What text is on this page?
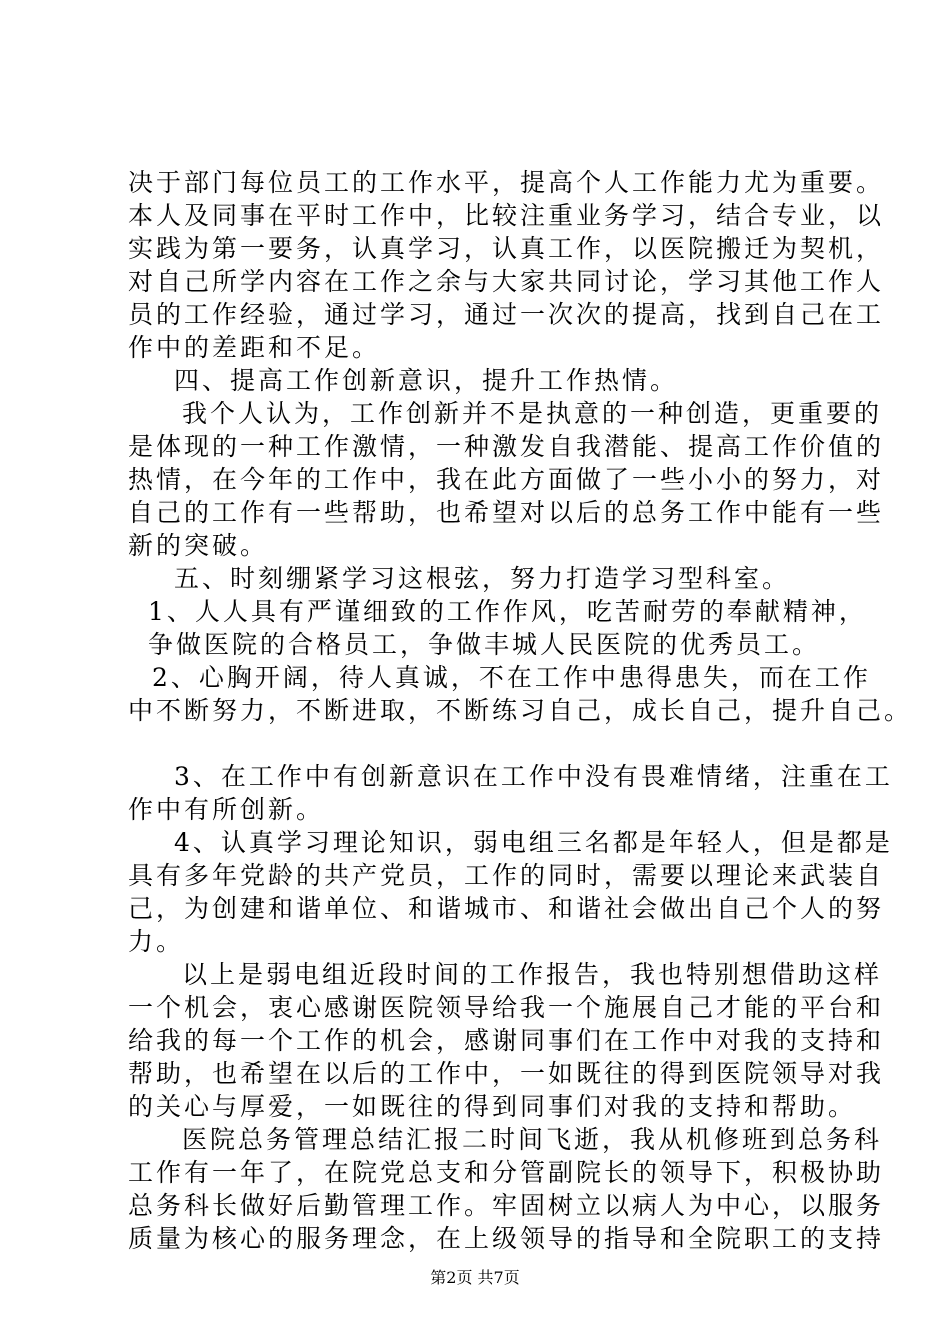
决于部门每位员工的工作水平，提高个人工作能力尤为重要。
本人及同事在平时工作中，比较注重业务学习，结合专业，以
实践为第一要务，认真学习，认真工作，以医院搬迁为契机，
对自己所学内容在工作之余与大家共同讨论，学习其他工作人
员的工作经验，通过学习，通过一次次的提高，找到自己在工
作中的差距和不足。
四、提高工作创新意识，提升工作热情。
我个人认为，工作创新并不是执意的一种创造，更重要的
是体现的一种工作激情，一种激发自我潜能、提高工作价值的
热情，在今年的工作中，我在此方面做了一些小小的努力，对
自己的工作有一些帮助，也希望对以后的总务工作中能有一些
新的突破。
五、时刻绷紧学习这根弦，努力打造学习型科室。
1、人人具有严谨细致的工作作风，吃苦耐劳的奉献精神，
争做医院的合格员工，争做丰城人民医院的优秀员工。
2、心胸开阔，待人真诚，不在工作中患得患失，而在工作
中不断努力，不断进取，不断练习自己，成长自己，提升自己。
3、在工作中有创新意识在工作中没有畏难情绪，注重在工
作中有所创新。
4、认真学习理论知识，弱电组三名都是年轻人，但是都是
具有多年党龄的共产党员，工作的同时，需要以理论来武装自
己，为创建和谐单位、和谐城市、和谐社会做出自己个人的努
力。
以上是弱电组近段时间的工作报告，我也特别想借助这样
一个机会，衷心感谢医院领导给我一个施展自己才能的平台和
给我的每一个工作的机会，感谢同事们在工作中对我的支持和
帮助，也希望在以后的工作中，一如既往的得到医院领导对我
的关心与厚爱，一如既往的得到同事们对我的支持和帮助。
医院总务管理总结汇报二时间飞逝，我从机修班到总务科
工作有一年了，在院党总支和分管副院长的领导下，积极协助
总务科长做好后勤管理工作。牢固树立以病人为中心，以服务
质量为核心的服务理念，在上级领导的指导和全院职工的支持
第2页 共7页
